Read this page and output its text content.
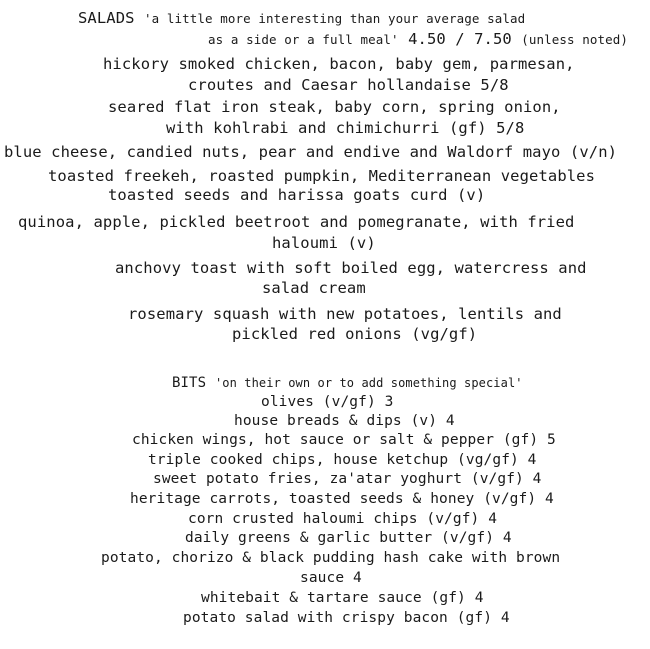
SALADS 'a little more interesting than your average salad
as a side or a full meal' 4.50 / 7.50 (unless noted)
hickory smoked chicken, bacon, baby gem, parmesan,
croutes and Caesar hollandaise 5/8
seared flat iron steak, baby corn, spring onion,
with kohlrabi and chimichurri (gf) 5/8
blue cheese, candied nuts, pear and endive and Waldorf mayo (v/n)
toasted freekeh, roasted pumpkin, Mediterranean vegetables
toasted seeds and harissa goats curd (v)
quinoa, apple, pickled beetroot and pomegranate, with fried
haloumi (v)
anchovy toast with soft boiled egg, watercress and
salad cream
rosemary squash with new potatoes, lentils and
pickled red onions (vg/gf)
BITS 'on their own or to add something special'
olives (v/gf) 3
house breads & dips (v) 4
chicken wings, hot sauce or salt & pepper (gf) 5
triple cooked chips, house ketchup (vg/gf) 4
sweet potato fries, za'atar yoghurt (v/gf) 4
heritage carrots, toasted seeds & honey (v/gf) 4
corn crusted haloumi chips (v/gf) 4
daily greens & garlic butter (v/gf) 4
potato, chorizo & black pudding hash cake with brown
sauce 4
whitebait & tartare sauce (gf) 4
potato salad with crispy bacon (gf) 4
